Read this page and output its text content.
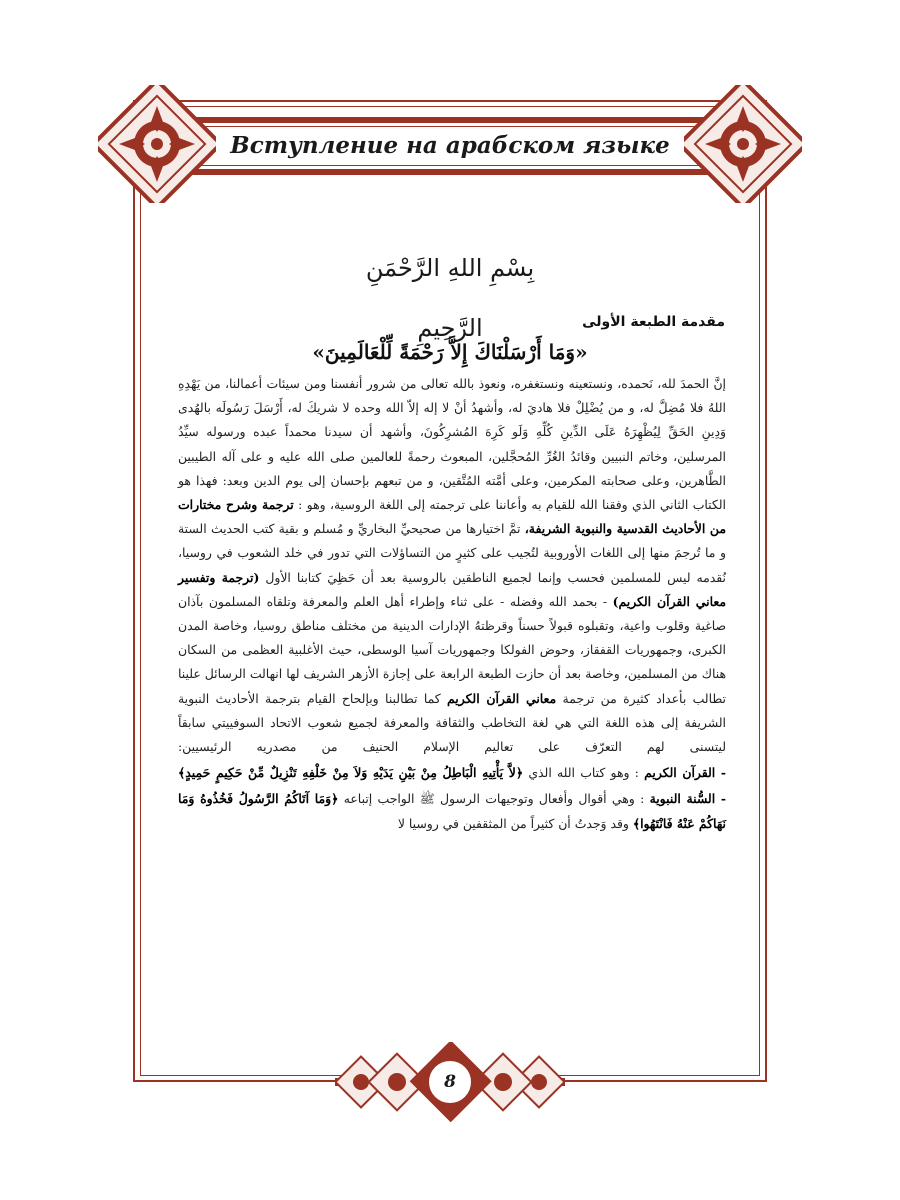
Вступление на арабском языке
بِسْمِ اللهِ الرَّحْمَنِ الرَّحِيمِ	مقدمة الطبعة الأولى
«وَمَا أَرْسَلْنَاكَ إِلاَّ رَحْمَةً لِّلْعَالَمِينَ»

إنَّ الحمدَ لله، نَحمده، ونستعينه ونستغفره، ونعوذ بالله تعالى من شرور أنفسنا ومن سيئات أعمالنا، من يَهْدِهِ اللهُ فلا مُضِلَّ له، و من يُضْلِلْ فلا هاديَ له، وأشهدُ أنْ لا إله إلاّ الله وحده لا شريكَ له، أَرْسَلَ رَسُولَه بالهُدى وَدِينِ الحَقِّ لِيُظْهِرَهُ عَلَى الدِّينِ كُلِّهِ وَلَو كَرِهَ المُشرِكُونَ، وأشهد أن سيدنا محمداً عبده ورسوله سيِّدُ المرسلين، وخاتم النبيين وقائدُ الغُرِّ المُحجَّلين، المبعوث رحمةً للعالمين صلى الله عليه و على آله الطيبين الطَّاهرين، وعلى صحابته المكرمين، وعلى أمَّته المُتَّقين، و من تبعهم بإحسان إلى يوم الدين وبعد: فهذا هو الكتاب الثاني الذي وفقنا الله للقيام به وأعاننا على ترجمته إلى اللغة الروسية، وهو : ترجمة وشرح مختارات من الأحاديث القدسية والنبوية الشريفة، تمَّ اختيارها من صحيحيِّ البخاريِّ و مُسلم و بقية كتب الحديث الستة و ما تُرجمَ منها إلى اللغات الأوروبية لتُجيب على كثيرٍ من التساؤلات التي تدور في خلد الشعوب في روسيا، نُقدمه ليس للمسلمين فحسب وإنما لجميع الناطقين بالروسية بعد أن حَظِيَ كتابنا الأول (ترجمة وتفسير معاني القرآن الكريم) - بحمد الله وفضله - على ثناء وإطراء أهل العلم والمعرفة وتلقاه المسلمون بآذان صاغية وقلوب واعية، وتقبلوه قبولاً حسناً وقرظتهُ الإدارات الدينية من مختلف مناطق روسيا، وخاصة المدن الكبرى، وجمهوريات القفقاز، وحوض الفولكا وجمهوريات آسيا الوسطى، حيث الأغلبية العظمى من السكان هناك من المسلمين، وخاصة بعد أن حازت الطبعة الرابعة على إجازة الأزهر الشريف لها انهالت الرسائل علينا تطالب بأعداد كثيرة من ترجمة معاني القرآن الكريم كما تطالبنا وبإلحاح القيام بترجمة الأحاديث النبوية الشريفة إلى هذه اللغة التي هي لغة التخاطب والثقافة والمعرفة لجميع شعوب الاتحاد السوفييتي سابقاً ليتسنى لهم التعرّف على تعاليم الإسلام الحنيف من مصدريه الرئيسيين:

- القرآن الكريم : وهو كتاب الله الذي ﴿لاَّ يَأْتِيهِ الْبَاطِلُ مِنْ بَيْنِ يَدَيْهِ وَلاَ مِنْ خَلْفِهِ تَنْزِيلٌ مِّنْ حَكِيمٍ حَمِيدٍ﴾

- السُّنة النبوية : وهي أقوال وأفعال وتوجيهات الرسول ﷺ الواجب إتباعه ﴿وَمَا آتَاكُمُ الرَّسُولُ فَخُذُوهُ وَمَا نَهَاكُمْ عَنْهُ فَانْتَهُوا﴾ وقد وَجدتُ أن كثيراً من المثقفين في روسيا لا

8
